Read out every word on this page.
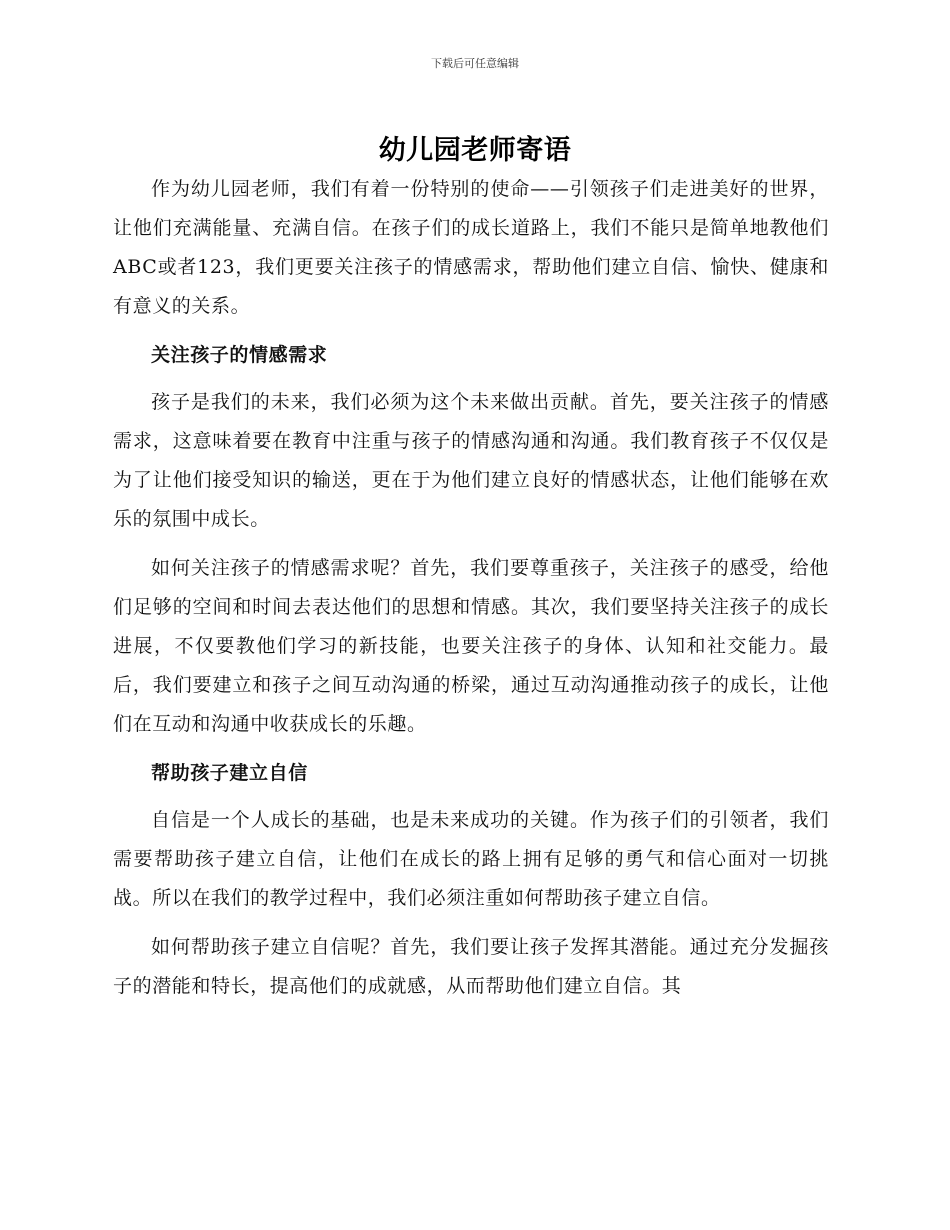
下载后可任意编辑
幼儿园老师寄语

作为幼儿园老师，我们有着一份特别的使命——引领孩子们走进美好的世界，让他们充满能量、充满自信。在孩子们的成长道路上，我们不能只是简单地教他们ABC或者123，我们更要关注孩子的情感需求，帮助他们建立自信、愉快、健康和有意义的关系。

关注孩子的情感需求

孩子是我们的未来，我们必须为这个未来做出贡献。首先，要关注孩子的情感需求，这意味着要在教育中注重与孩子的情感沟通和沟通。我们教育孩子不仅仅是为了让他们接受知识的输送，更在于为他们建立良好的情感状态，让他们能够在欢乐的氛围中成长。

如何关注孩子的情感需求呢？首先，我们要尊重孩子，关注孩子的感受，给他们足够的空间和时间去表达他们的思想和情感。其次，我们要坚持关注孩子的成长进展，不仅要教他们学习的新技能，也要关注孩子的身体、认知和社交能力。最后，我们要建立和孩子之间互动沟通的桥梁，通过互动沟通推动孩子的成长，让他们在互动和沟通中收获成长的乐趣。

帮助孩子建立自信

自信是一个人成长的基础，也是未来成功的关键。作为孩子们的引领者，我们需要帮助孩子建立自信，让他们在成长的路上拥有足够的勇气和信心面对一切挑战。所以在我们的教学过程中，我们必须注重如何帮助孩子建立自信。

如何帮助孩子建立自信呢？首先，我们要让孩子发挥其潜能。通过充分发掘孩子的潜能和特长，提高他们的成就感，从而帮助他们建立自信。其
